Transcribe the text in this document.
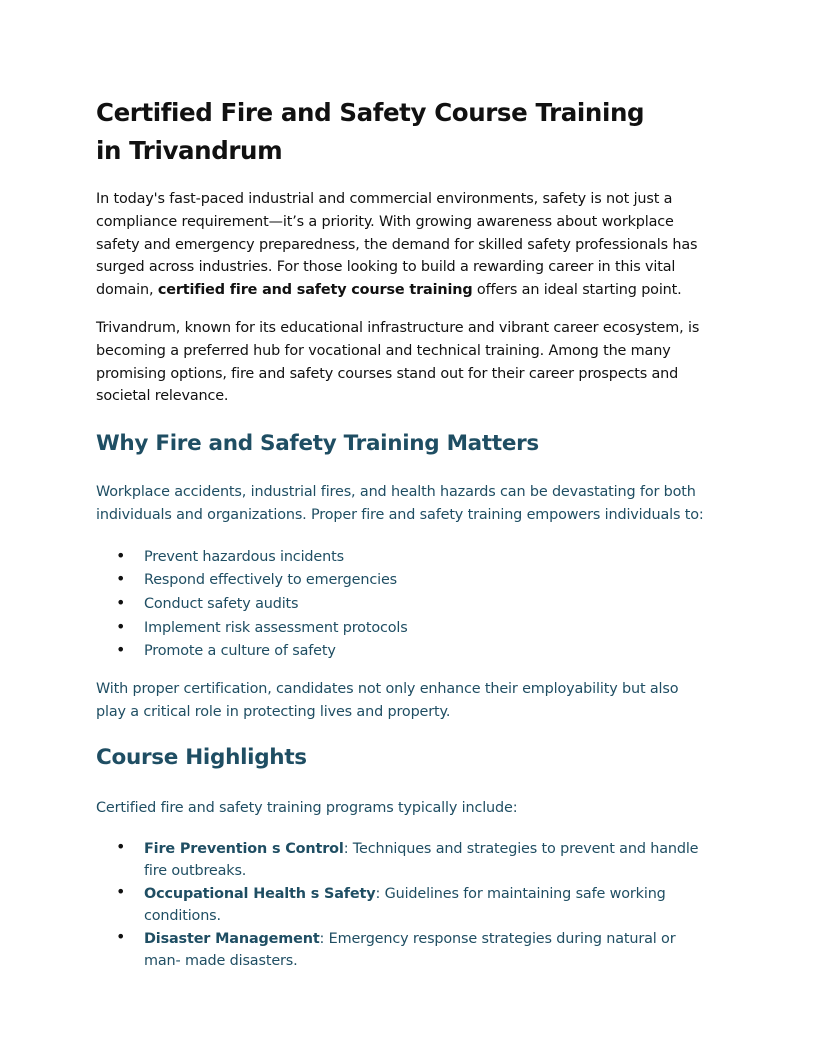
Certified Fire and Safety Course Training
in Trivandrum

In today's fast-paced industrial and commercial environments, safety is not just a compliance requirement—it’s a priority. With growing awareness about workplace safety and emergency preparedness, the demand for skilled safety professionals has surged across industries. For those looking to build a rewarding career in this vital domain, certified fire and safety course training offers an ideal starting point.

Trivandrum, known for its educational infrastructure and vibrant career ecosystem, is becoming a preferred hub for vocational and technical training. Among the many promising options, fire and safety courses stand out for their career prospects and societal relevance.

Why Fire and Safety Training Matters

Workplace accidents, industrial fires, and health hazards can be devastating for both individuals and organizations. Proper fire and safety training empowers individuals to:

• Prevent hazardous incidents
• Respond effectively to emergencies
• Conduct safety audits
• Implement risk assessment protocols
• Promote a culture of safety

With proper certification, candidates not only enhance their employability but also play a critical role in protecting lives and property.

Course Highlights

Certified fire and safety training programs typically include:

• Fire Prevention s Control: Techniques and strategies to prevent and handle fire outbreaks.
• Occupational Health s Safety: Guidelines for maintaining safe working conditions.
• Disaster Management: Emergency response strategies during natural or man- made disasters.
